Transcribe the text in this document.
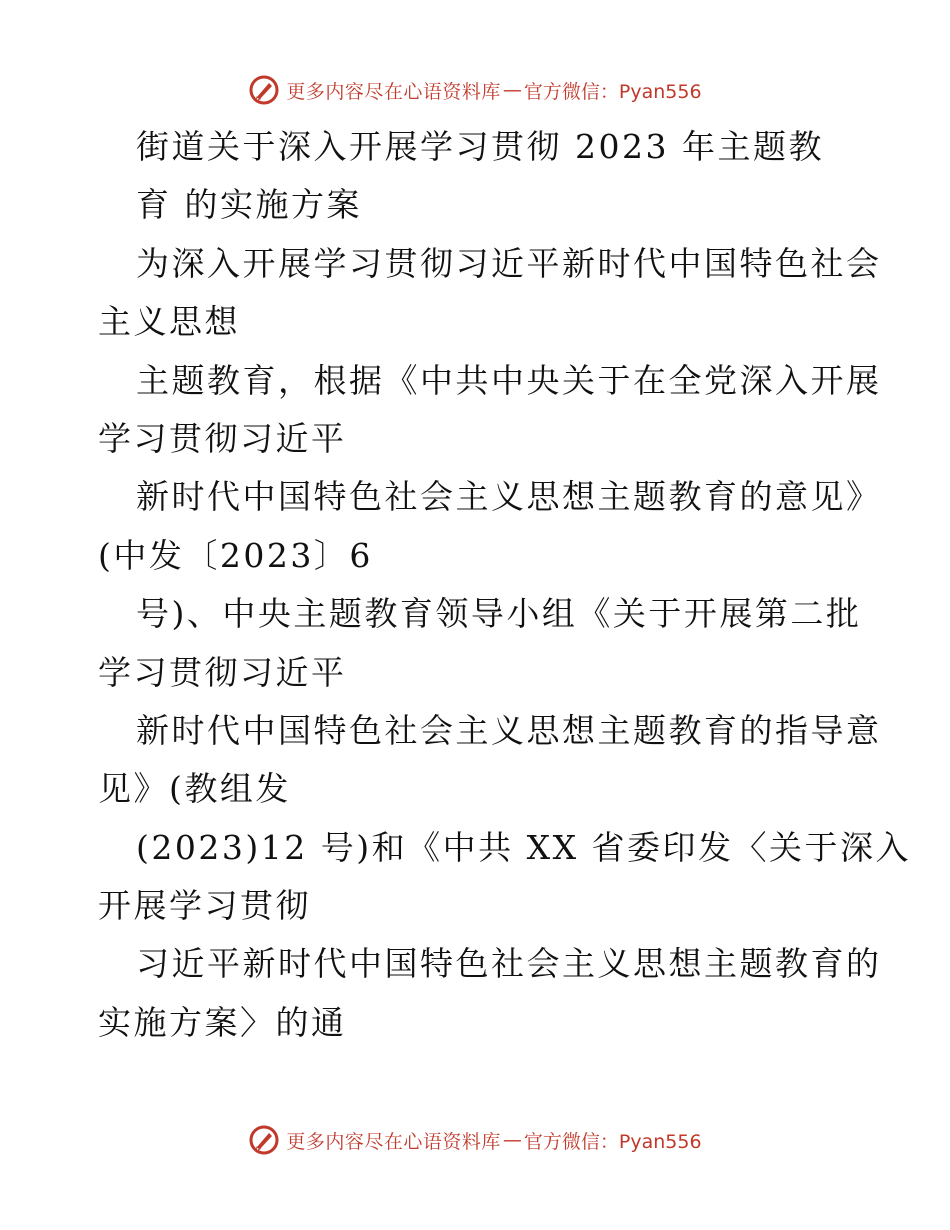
更多内容尽在心语资料库 — 官方微信：Pyan556
街道关于深入开展学习贯彻 2023 年主题教
育 的实施方案
为深入开展学习贯彻习近平新时代中国特色社会
主义思想
主题教育，根据《中共中央关于在全党深入开展
学习贯彻习近平
新时代中国特色社会主义思想主题教育的意见》
(中发〔2023〕6
号)、中央主题教育领导小组《关于开展第二批
学习贯彻习近平
新时代中国特色社会主义思想主题教育的指导意
见》(教组发
(2023)12 号)和《中共 XX 省委印发〈关于深入
开展学习贯彻
习近平新时代中国特色社会主义思想主题教育的
实施方案〉的通
更多内容尽在心语资料库 — 官方微信：Pyan556
